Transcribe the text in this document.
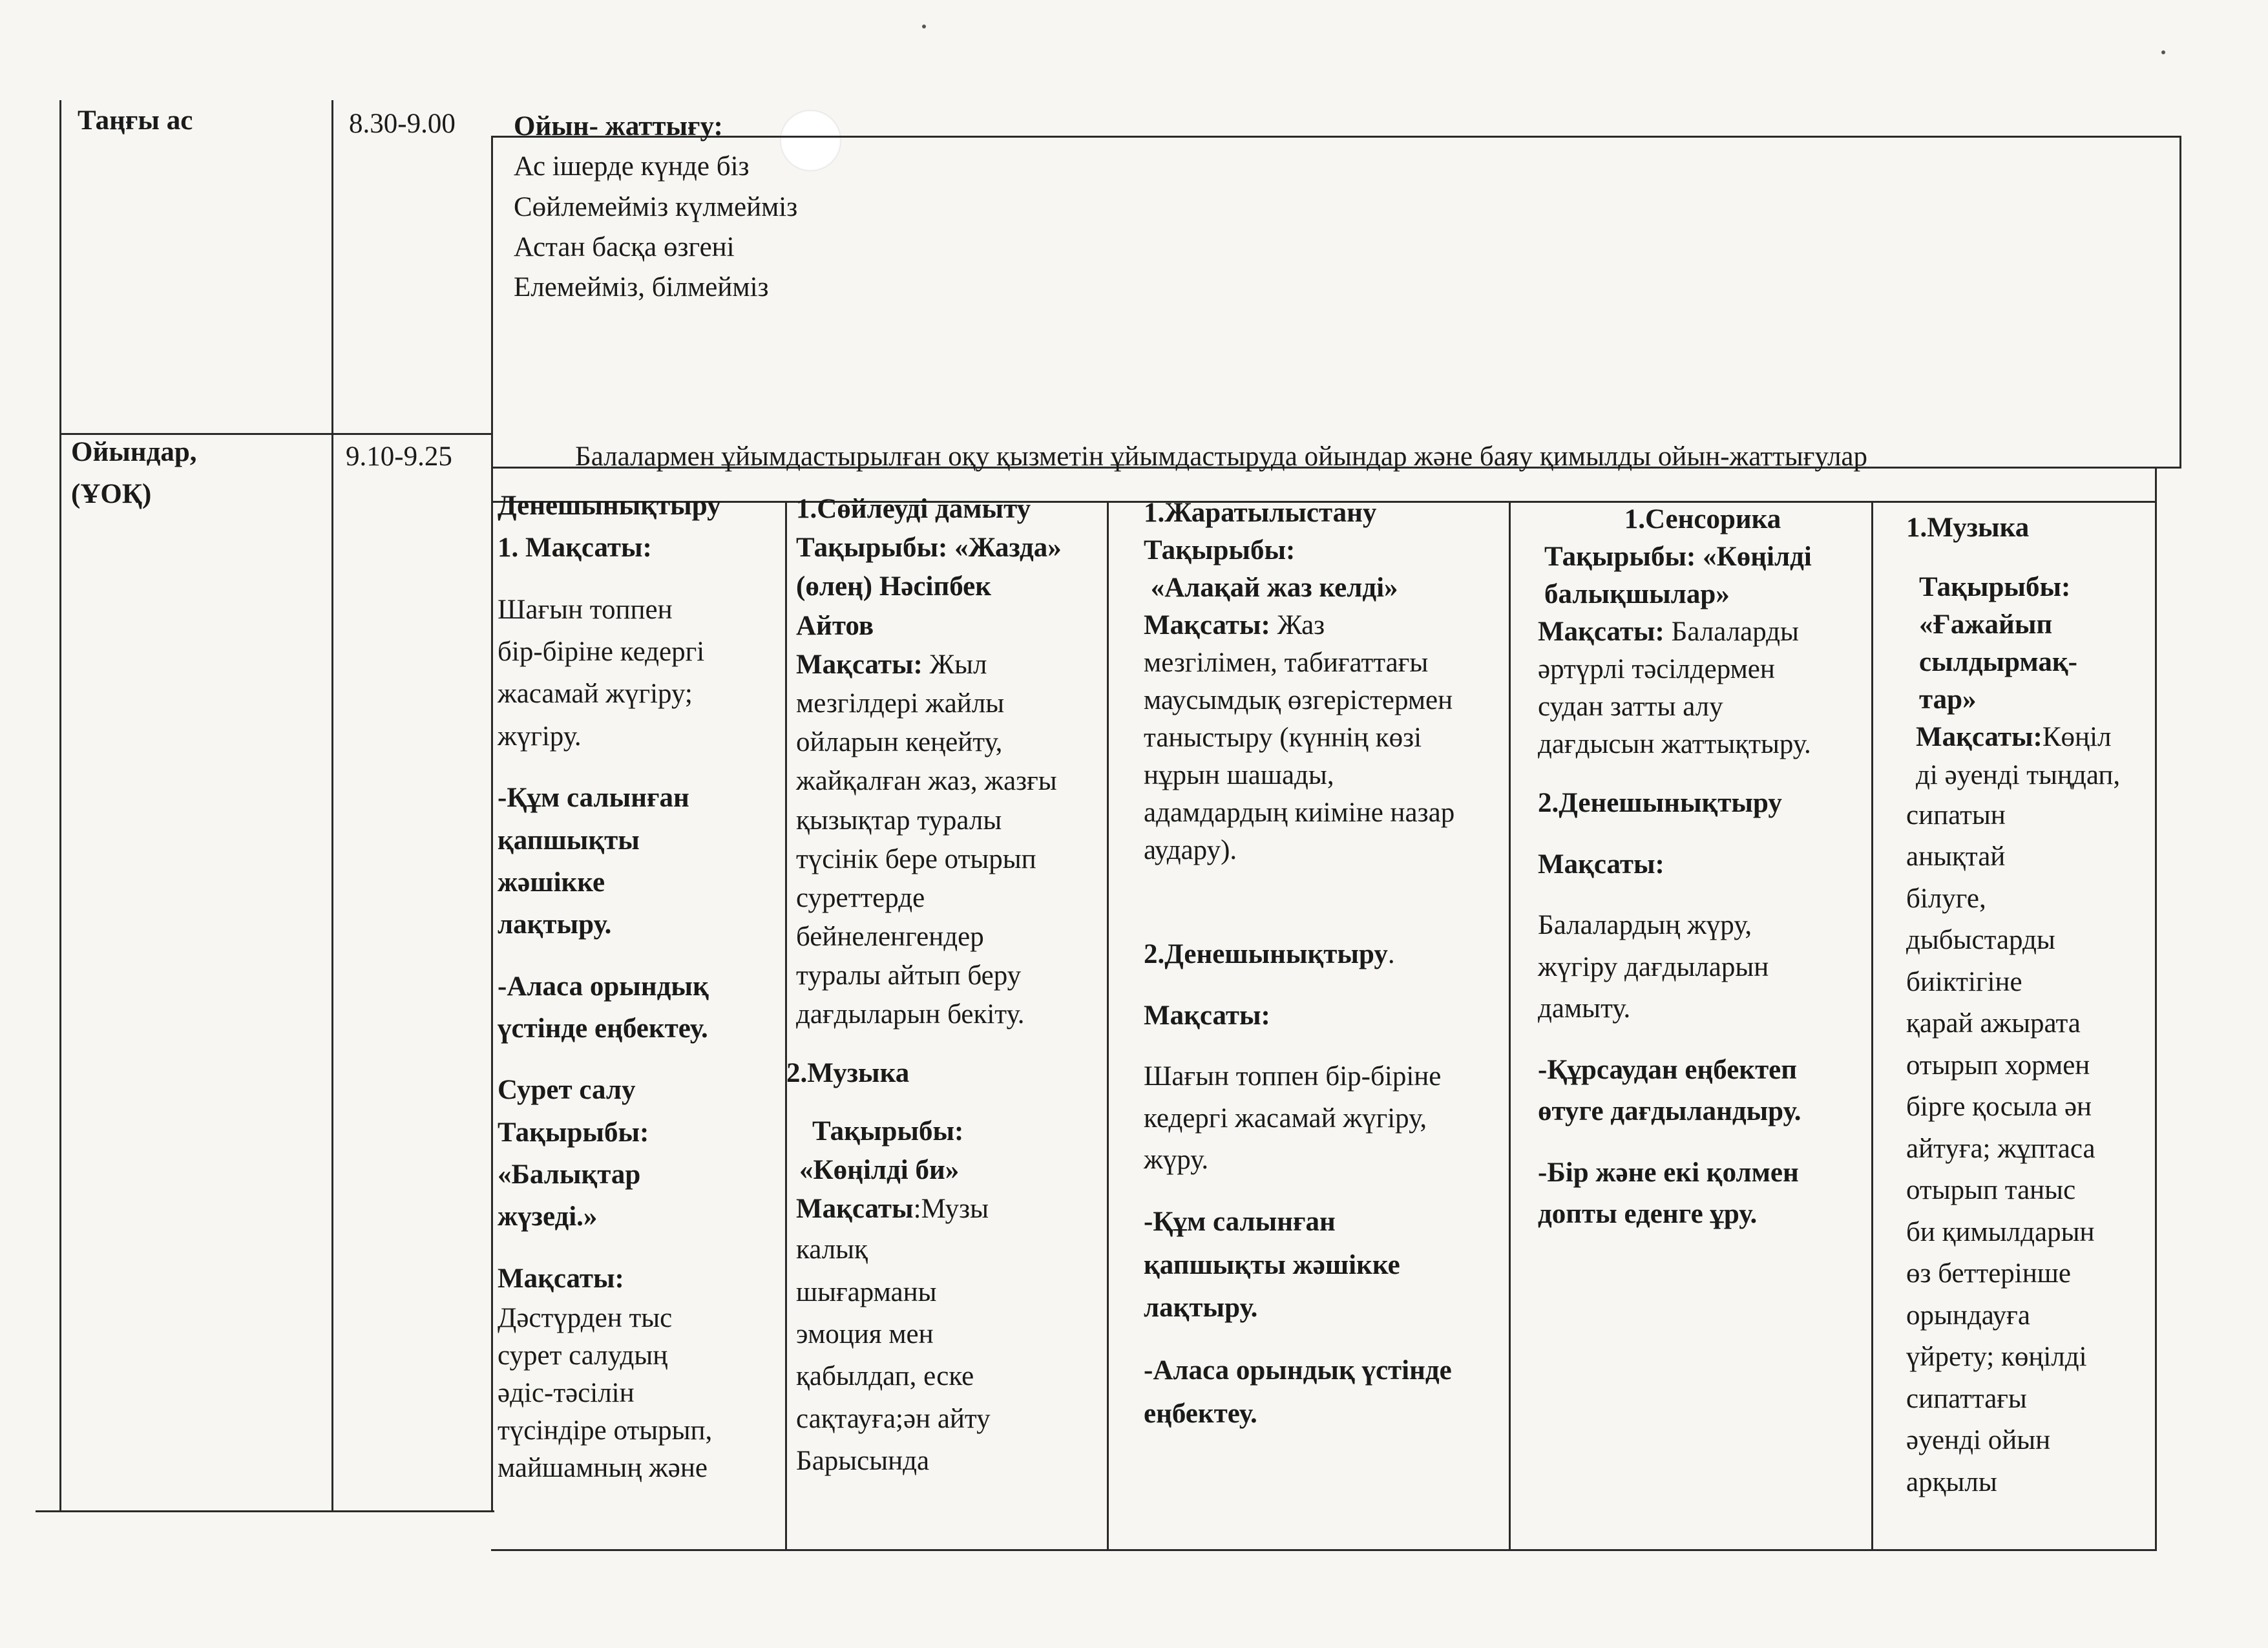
Таңғы ас	8.30-9.00 Ойын- жаттығу:
Ас ішерде күнде біз
Сөйлемейміз күлмейміз
Астан басқа өзгені
Елемейміз, білмейміз
Ойындар,
(ҰОҚ)
9.10-9.25	Балалармен ұйымдастырылған оқу қызметін ұйымдастыруда ойындар және баяу қимылды ойын-жаттығулар
Денешынықтыру
1. Мақсаты:
Шағын топпен
бір-біріне кедергі
жасамай жүгіру;
жүгіру.
-Құм салынған
қапшықты
жәшікке
лақтыру.
-Аласа орындық
үстінде еңбектеу.
Сурет салу
Тақырыбы:
«Балықтар
жүзеді.»
Мақсаты:
Дәстүрден тыс
сурет салудың
әдіс-тәсілін
түсіндіре отырып,
майшамның және
1.Сөйлеуді дамыту
Тақырыбы: «Жазда»
(өлең) Нәсіпбек
Айтов
Мақсаты: Жыл
мезгілдері жайлы
ойларын кеңейту,
жайқалған жаз, жазғы
қызықтар туралы
түсінік бере отырып
суреттерде
бейнеленгендер
туралы айтып беру
дағдыларын бекіту.
2.Музыка
Тақырыбы:
«Көңілді би»
Мақсаты:Музы
калық
шығарманы
эмоция мен
қабылдап, еске
сақтауға;ән айту
Барысында
1.Жаратылыстану
Тақырыбы:
«Алақай жаз келді»
Мақсаты: Жаз
мезгілімен, табиғаттағы
маусымдық өзгерістермен
таныстыру (күннің көзі
нұрын шашады,
адамдардың киіміне назар
аудару).
2.Денешынықтыру.
Мақсаты:
Шағын топпен бір-біріне
кедергі жасамай жүгіру,
жүру.
-Құм салынған
қапшықты жәшікке
лақтыру.
-Аласа орындық үстінде
еңбектеу.
1.Сенсорика
Тақырыбы: «Көңілді
балықшылар»
Мақсаты: Балаларды
әртүрлі тәсілдермен
судан затты алу
дағдысын жаттықтыру.
2.Денешынықтыру
Мақсаты:
Балалардың жүру,
жүгіру дағдыларын
дамыту.
-Құрсаудан еңбектеп
өтуге дағдыландыру.
-Бір және екі қолмен
допты еденге ұру.
1.Музыка
Тақырыбы:
«Ғажайып
сылдырмақ-
тар»
Мақсаты:Көңіл
ді әуенді тыңдап,
сипатын
анықтай
білуге,
дыбыстарды
биіктігіне
қарай ажырата
отырып хормен
бірге қосыла ән
айтуға; жұптаса
отырып таныс
би қимылдарын
өз беттерінше
орындауға
үйрету; көңілді
сипаттағы
әуенді ойын
арқылы
